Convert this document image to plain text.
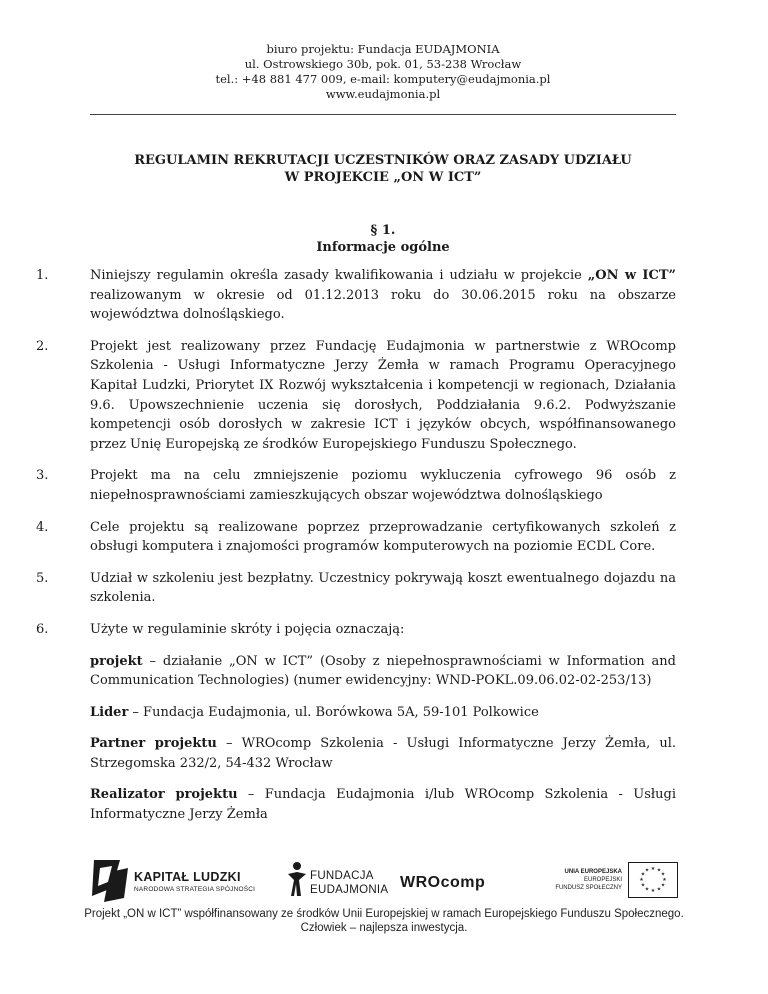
biuro projektu: Fundacja EUDAJMONIA
ul. Ostrowskiego 30b, pok. 01, 53-238 Wrocław
tel.: +48 881 477 009, e-mail: komputery@eudajmonia.pl
www.eudajmonia.pl
REGULAMIN REKRUTACJI UCZESTNIKÓW ORAZ ZASADY UDZIAŁU
W PROJEKCIE „ON W ICT”
§ 1.
Informacje ogólne
1.	Niniejszy regulamin określa zasady kwalifikowania i udziału w projekcie „ON w ICT” realizowanym w okresie od 01.12.2013 roku do 30.06.2015 roku na obszarze województwa dolnośląskiego.
2.	Projekt jest realizowany przez Fundację Eudajmonia w partnerstwie z WROcomp Szkolenia - Usługi Informatyczne Jerzy Żemła w ramach Programu Operacyjnego Kapitał Ludzki, Priorytet IX Rozwój wykształcenia i kompetencji w regionach, Działania 9.6. Upowszechnienie uczenia się dorosłych, Poddziałania 9.6.2. Podwyższanie kompetencji osób dorosłych w zakresie ICT i języków obcych, współfinansowanego przez Unię Europejską ze środków Europejskiego Funduszu Społecznego.
3.	Projekt ma na celu zmniejszenie poziomu wykluczenia cyfrowego 96 osób z niepełnosprawnościami zamieszkujących obszar województwa dolnośląskiego
4.	Cele projektu są realizowane poprzez przeprowadzanie certyfikowanych szkoleń z obsługi komputera i znajomości programów komputerowych na poziomie ECDL Core.
5.	Udział w szkoleniu jest bezpłatny. Uczestnicy pokrywają koszt ewentualnego dojazdu na szkolenia.
6.	Użyte w regulaminie skróty i pojęcia oznaczają:
projekt – działanie „ON w ICT” (Osoby z niepełnosprawnościami w Information and Communication Technologies) (numer ewidencyjny: WND-POKL.09.06.02-02-253/13)
Lider – Fundacja Eudajmonia, ul. Borówkowa 5A, 59-101 Polkowice
Partner projektu – WROcomp Szkolenia - Usługi Informatyczne Jerzy Żemła, ul. Strzegomska 232/2, 54-432 Wrocław
Realizator projektu – Fundacja Eudajmonia i/lub WROcomp Szkolenia - Usługi Informatyczne Jerzy Żemła
KAPITAŁ LUDZKI
NARODOWA STRATEGIA SPÓJNOŚCI
FUNDACJA
EUDAJMONIA WROcomp
UNIA EUROPEJSKA
EUROPEJSKI
FUNDUSZ SPOŁECZNY
★ ★
★
★
★
★
★
★
★
★
★
★
Projekt „ON w ICT” współfinansowany ze środków Unii Europejskiej w ramach Europejskiego Funduszu Społecznego.
Człowiek – najlepsza inwestycja.
